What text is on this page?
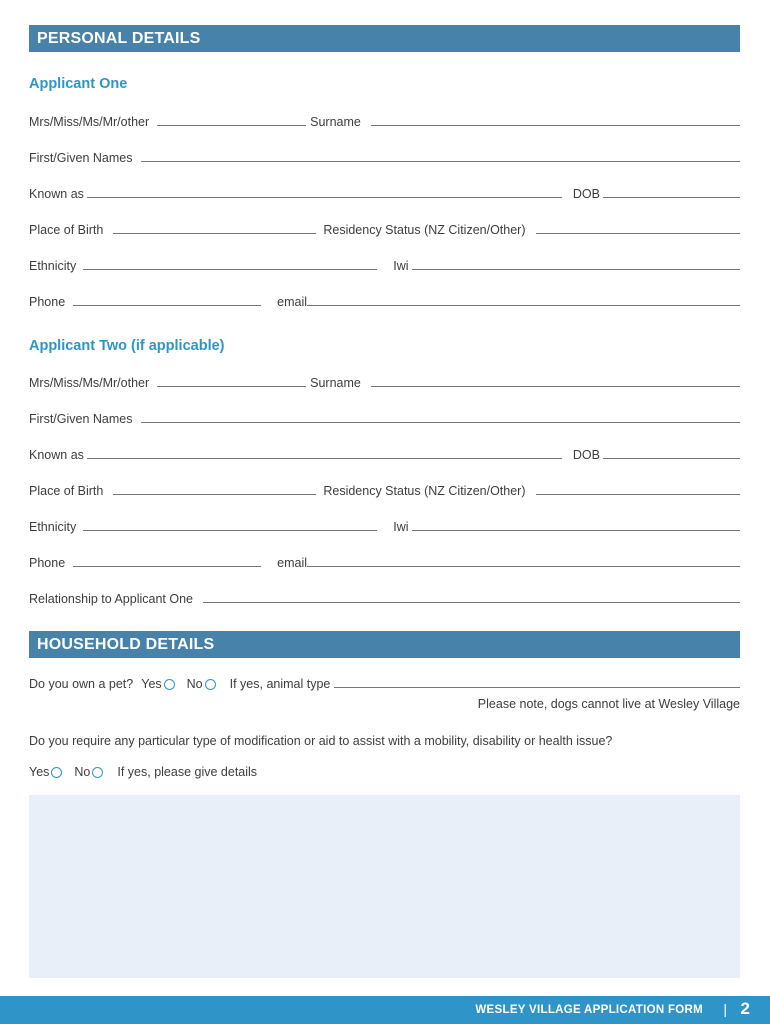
PERSONAL DETAILS
Applicant One
Mrs/Miss/Ms/Mr/other	Surname
First/Given Names
Known as	DOB
Place of Birth	Residency Status (NZ Citizen/Other)
Ethnicity	Iwi
Phone	email
Applicant Two (if applicable)
Mrs/Miss/Ms/Mr/other	Surname
First/Given Names
Known as	DOB
Place of Birth	Residency Status (NZ Citizen/Other)
Ethnicity	Iwi
Phone	email
Relationship to Applicant One
HOUSEHOLD DETAILS
Do you own a pet? Yes No If yes, animal type
Please note, dogs cannot live at Wesley Village
Do you require any particular type of modification or aid to assist with a mobility, disability or health issue?
Yes No If yes, please give details
WESLEY VILLAGE APPLICATION FORM | 2
